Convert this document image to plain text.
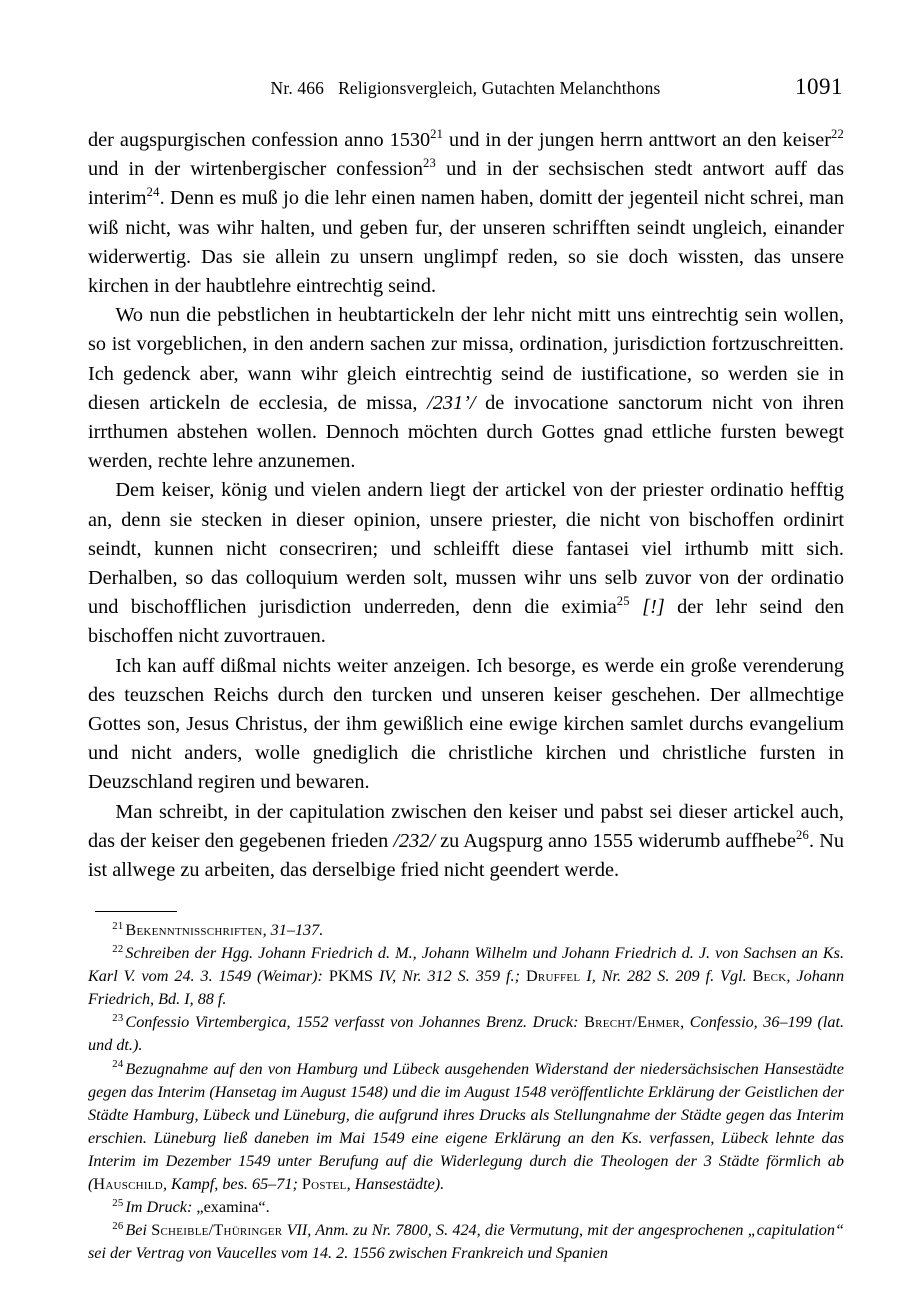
Nr. 466 Religionsvergleich, Gutachten Melanchthons	1091

der augspurgischen confession anno 1530$^{21}$ und in der jungen herrn anttwort an den keiser$^{22}$ und in der wirtenbergischer confession$^{23}$ und in der sechsischen stedt antwort auff das interim$^{24}$. Denn es muß jo die lehr einen namen haben, domitt der jegenteil nicht schrei, man wiß nicht, was wihr halten, und geben fur, der unseren schrifften seindt ungleich, einander widerwertig. Das sie allein zu unsern unglimpf reden, so sie doch wissten, das unsere kirchen in der haubtlehre eintrechtig seind.

Wo nun die pebstlichen in heubtartickeln der lehr nicht mitt uns eintrechtig sein wollen, so ist vorgeblichen, in den andern sachen zur missa, ordination, jurisdiction fortzuschreitten. Ich gedenck aber, wann wihr gleich eintrechtig seind de iustificatione, so werden sie in diesen artickeln de ecclesia, de missa, /231’/ de invocatione sanctorum nicht von ihren irrthumen abstehen wollen. Dennoch möchten durch Gottes gnad ettliche fursten bewegt werden, rechte lehre anzunemen.

Dem keiser, könig und vielen andern liegt der artickel von der priester ordinatio hefftig an, denn sie stecken in dieser opinion, unsere priester, die nicht von bischoffen ordinirt seindt, kunnen nicht consecriren; und schleifft diese fantasei viel irthumb mitt sich. Derhalben, so das colloquium werden solt, mussen wihr uns selb zuvor von der ordinatio und bischofflichen jurisdiction underreden, denn die eximia$^{25}$ [!] der lehr seind den bischoffen nicht zuvortrauen.

Ich kan auff dißmal nichts weiter anzeigen. Ich besorge, es werde ein große verenderung des teuzschen Reichs durch den turcken und unseren keiser geschehen. Der allmechtige Gottes son, Jesus Christus, der ihm gewißlich eine ewige kirchen samlet durchs evangelium und nicht anders, wolle gnediglich die christliche kirchen und christliche fursten in Deuzschland regiren und bewaren.

Man schreibt, in der capitulation zwischen den keiser und pabst sei dieser artickel auch, das der keiser den gegebenen frieden /232/ zu Augspurg anno 1555 widerumb auffhebe$^{26}$. Nu ist allwege zu arbeiten, das derselbige fried nicht geendert werde.

$^{21}$ Bekenntnisschriften, 31–137.

$^{22}$ Schreiben der Hgg. Johann Friedrich d. M., Johann Wilhelm und Johann Friedrich d. J. von Sachsen an Ks. Karl V. vom 24. 3. 1549 (Weimar): PKMS IV, Nr. 312 S. 359 f.; Druffel I, Nr. 282 S. 209 f. Vgl. Beck, Johann Friedrich, Bd. I, 88 f.

$^{23}$ Confessio Virtembergica, 1552 verfasst von Johannes Brenz. Druck: Brecht/Ehmer, Confessio, 36–199 (lat. und dt.).

$^{24}$ Bezugnahme auf den von Hamburg und Lübeck ausgehenden Widerstand der niedersächsischen Hansestädte gegen das Interim (Hansetag im August 1548) und die im August 1548 veröffentlichte Erklärung der Geistlichen der Städte Hamburg, Lübeck und Lüneburg, die aufgrund ihres Drucks als Stellungnahme der Städte gegen das Interim erschien. Lüneburg ließ daneben im Mai 1549 eine eigene Erklärung an den Ks. verfassen, Lübeck lehnte das Interim im Dezember 1549 unter Berufung auf die Widerlegung durch die Theologen der 3 Städte förmlich ab (Hauschild, Kampf, bes. 65–71; Postel, Hansestädte).

$^{25}$ Im Druck: „examina“.

$^{26}$ Bei Scheible/Thüringer VII, Anm. zu Nr. 7800, S. 424, die Vermutung, mit der angesprochenen „capitulation“ sei der Vertrag von Vaucelles vom 14. 2. 1556 zwischen Frankreich und Spanien
